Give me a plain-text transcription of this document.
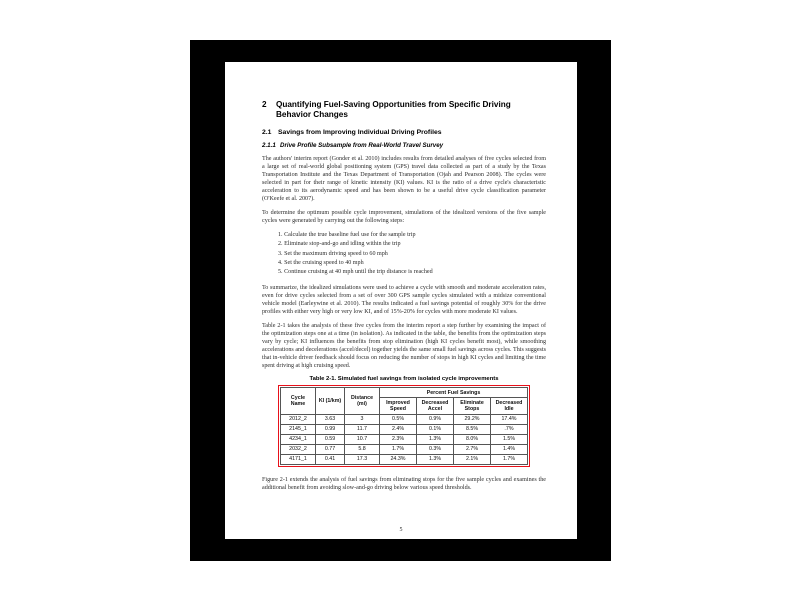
2	Quantifying Fuel-Saving Opportunities from Specific Driving Behavior Changes
2.1 Savings from Improving Individual Driving Profiles
2.1.1 Drive Profile Subsample from Real-World Travel Survey

The authors' interim report (Gonder et al. 2010) includes results from detailed analyses of five cycles selected from a large set of real-world global positioning system (GPS) travel data collected as part of a study by the Texas Transportation Institute and the Texas Department of Transportation (Ojah and Pearson 2008). The cycles were selected in part for their range of kinetic intensity (KI) values. KI is the ratio of a drive cycle's characteristic acceleration to its aerodynamic speed and has been shown to be a useful drive cycle classification parameter (O'Keefe et al. 2007).

To determine the optimum possible cycle improvement, simulations of the idealized versions of the five sample cycles were generated by carrying out the following steps:

1. Calculate the true baseline fuel use for the sample trip
2. Eliminate stop-and-go and idling within the trip
3. Set the maximum driving speed to 60 mph
4. Set the cruising speed to 40 mph
5. Continue cruising at 40 mph until the trip distance is reached

To summarize, the idealized simulations were used to achieve a cycle with smooth and moderate acceleration rates, even for drive cycles selected from a set of over 300 GPS sample cycles simulated with a midsize conventional vehicle model (Earleywine et al. 2010). The results indicated a fuel savings potential of roughly 30% for the drive profiles with either very high or very low KI, and of 15%-20% for cycles with more moderate KI values.

Table 2-1 takes the analysis of these five cycles from the interim report a step further by examining the impact of the optimization steps one at a time (in isolation). As indicated in the table, the benefits from the optimization steps vary by cycle; KI influences the benefits from stop elimination (high KI cycles benefit most), while smoothing accelerations and decelerations (accel/decel) together yields the same small fuel savings across cycles. This suggests that in-vehicle driver feedback should focus on reducing the number of stops in high KI cycles and limiting the time spent driving at high cruising speed.

Table 2-1. Simulated fuel savings from isolated cycle improvements
Cycle Name	KI (1/km)	Distance (mi)	Percent Fuel Savings			
			Improved Speed	Decreased Accel	Eliminate Stops	Decreased Idle
2012_2	3.63	3	0.5%	0.9%	29.2%	17.4%
2145_1	0.99	11.7	2.4%	0.1%	8.5%	.7%
4234_1	0.59	10.7	2.3%	1.3%	8.0%	1.5%
2032_2	0.77	5.8	1.7%	0.3%	2.7%	1.4%
4171_1	0.41	17.3	24.3%	1.3%	2.1%	1.7%

Figure 2-1 extends the analysis of fuel savings from eliminating stops for the five sample cycles and examines the additional benefit from avoiding slow-and-go driving below various speed thresholds.

5
